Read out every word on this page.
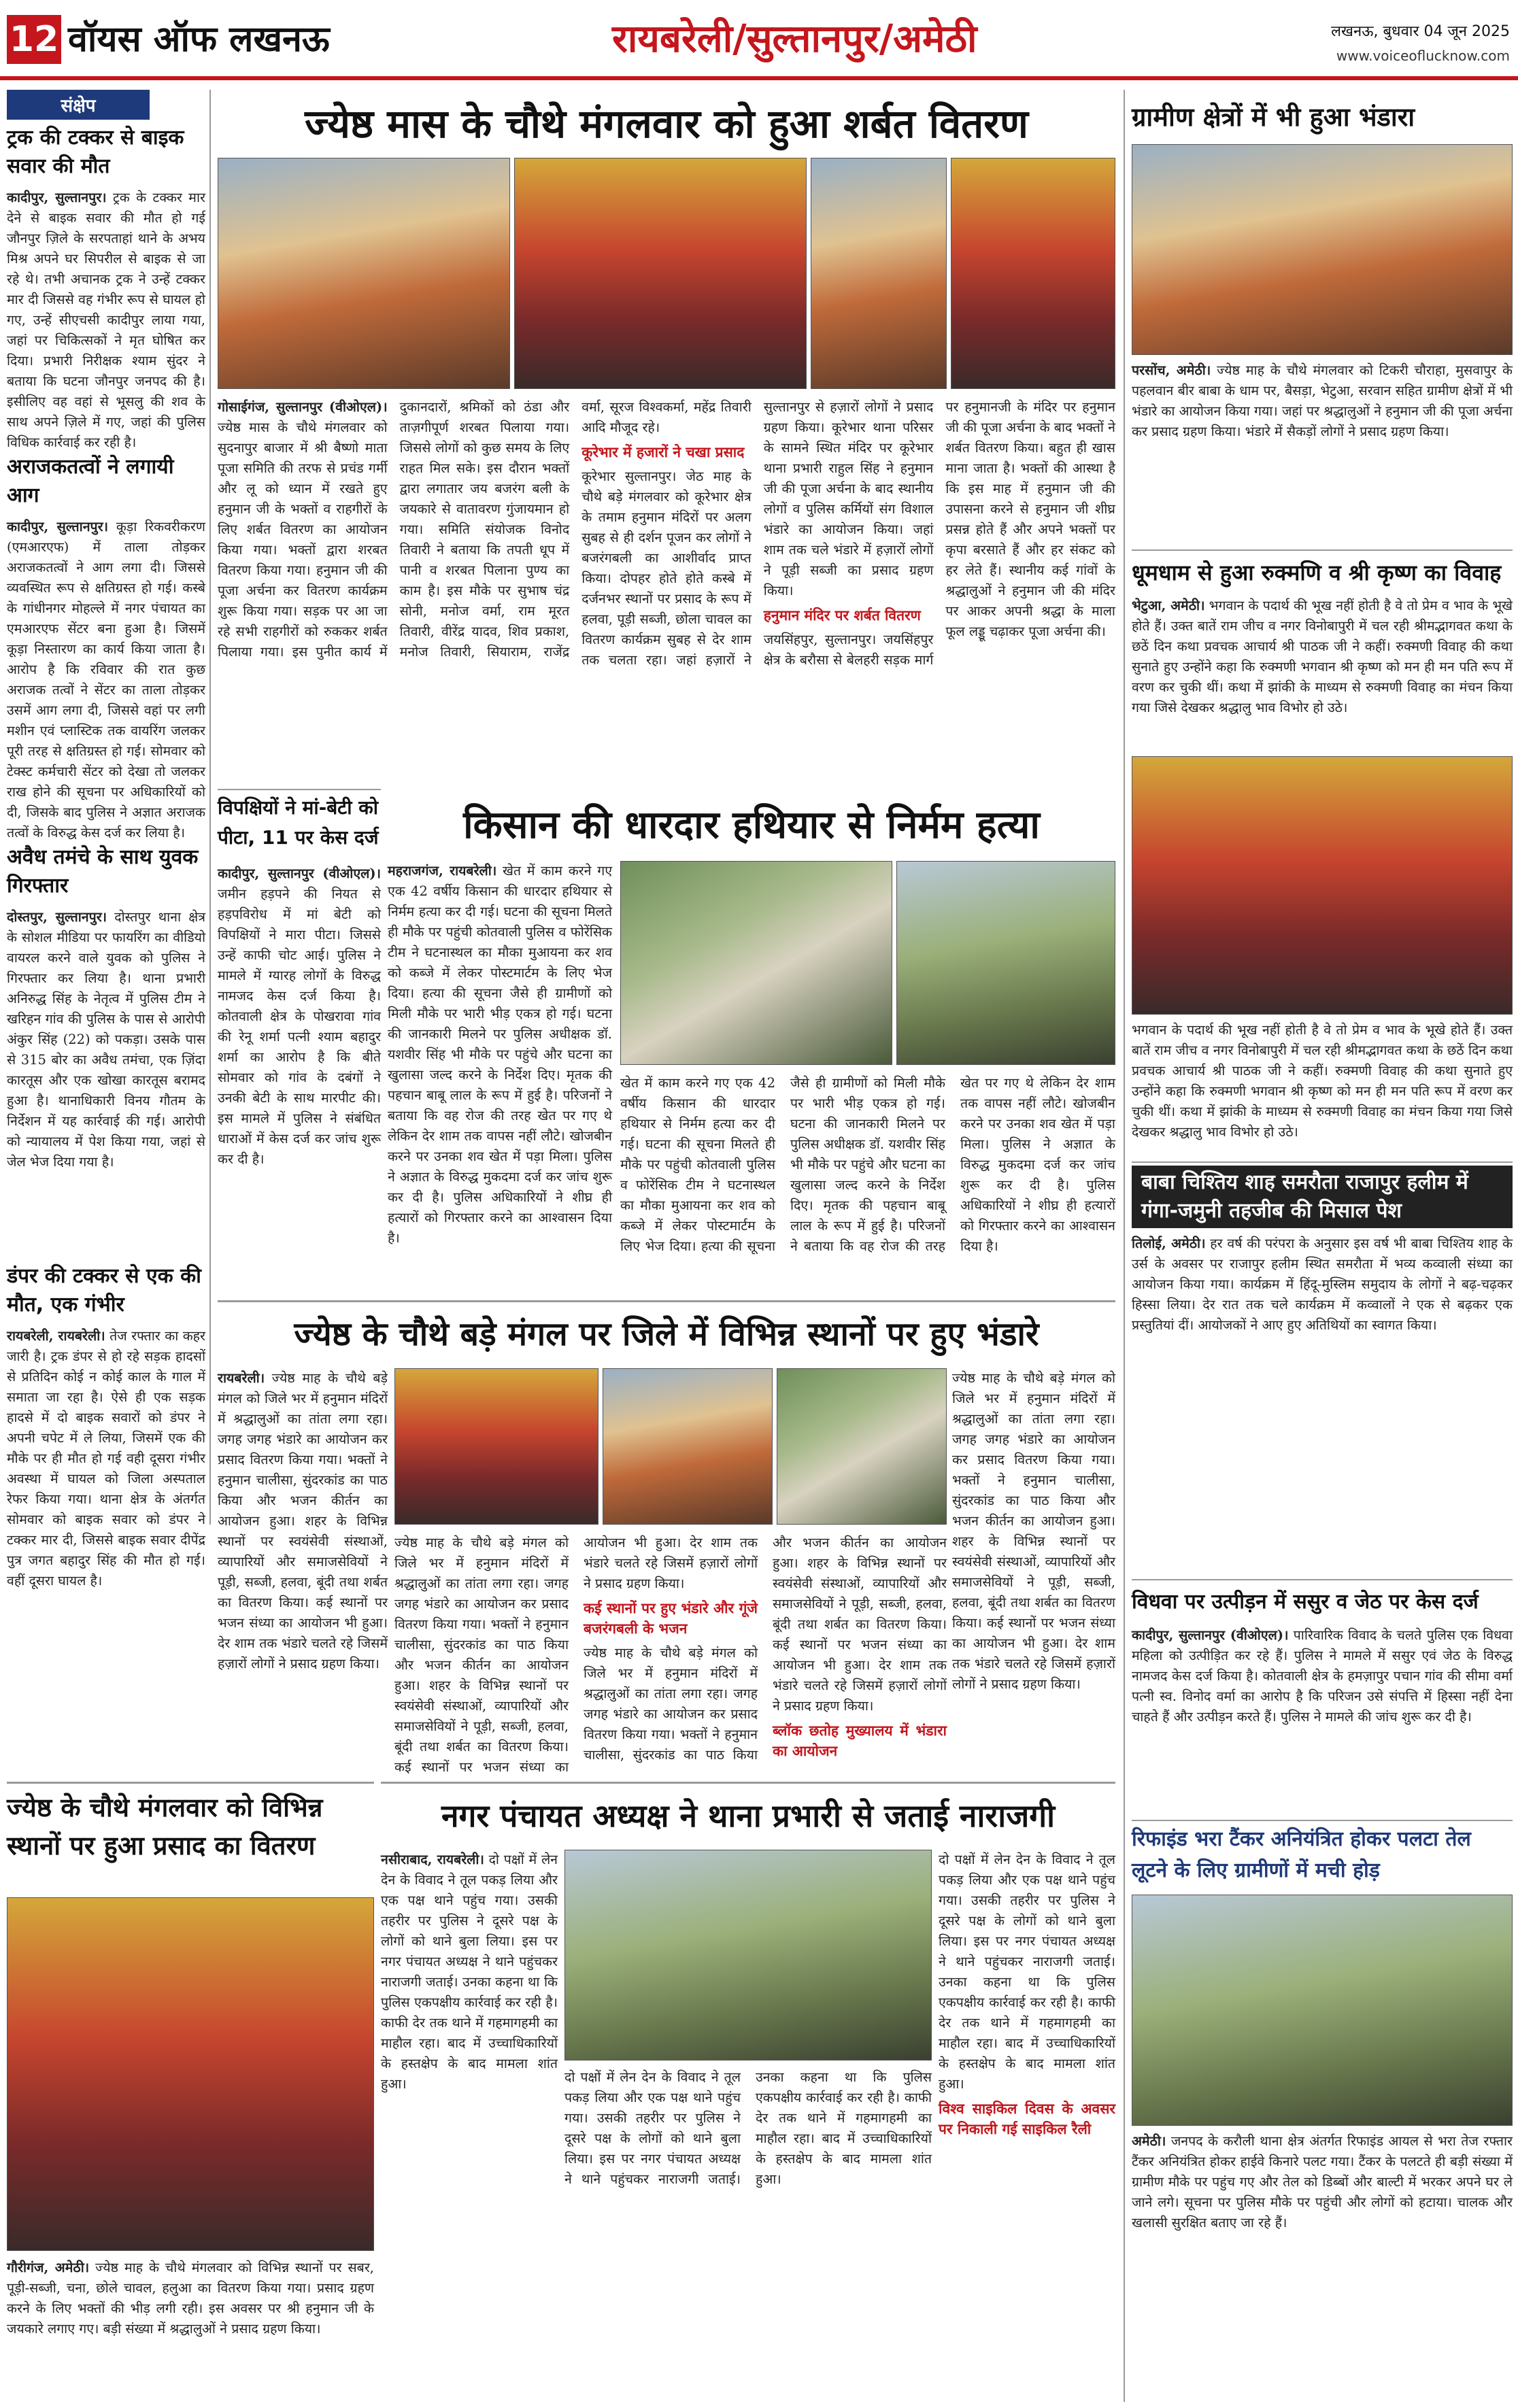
12 वॉयस ऑफ लखनऊ	रायबरेली/सुल्तानपुर/अमेठी	लखनऊ, बुधवार 04 जून 2025
www.voiceoflucknow.com
संक्षेप
ट्रक की टक्कर से बाइक सवार की मौत
कादीपुर, सुल्तानपुर। ट्रक के टक्कर मार देने से बाइक सवार की मौत हो गई जौनपुर ज़िले के सरपताहां थाने के अभय मिश्र अपने घर सिपरील से बाइक से जा रहे थे। तभी अचानक ट्रक ने उन्हें टक्कर मार दी जिससे वह गंभीर रूप से घायल हो गए, उन्हें सीएचसी कादीपुर लाया गया, जहां पर चिकित्सकों ने मृत घोषित कर दिया। प्रभारी निरीक्षक श्याम सुंदर ने बताया कि घटना जौनपुर जनपद की है। इसीलिए वह वहां से भूसलु की शव के साथ अपने ज़िले में गए, जहां की पुलिस विधिक कार्रवाई कर रही है।
अराजकतत्वों ने लगायी आग
कादीपुर, सुल्तानपुर। कूड़ा रिकवरीकरण (एमआरएफ) में ताला तोड़कर अराजकतत्वों ने आग लगा दी। जिससे व्यवस्थित रूप से क्षतिग्रस्त हो गई। कस्बे के गांधीनगर मोहल्ले में नगर पंचायत का एमआरएफ सेंटर बना हुआ है। जिसमें कूड़ा निस्तारण का कार्य किया जाता है। आरोप है कि रविवार की रात कुछ अराजक तत्वों ने सेंटर का ताला तोड़कर उसमें आग लगा दी, जिससे वहां पर लगी मशीन एवं प्लास्टिक तक वायरिंग जलकर पूरी तरह से क्षतिग्रस्त हो गई। सोमवार को टेक्स्ट कर्मचारी सेंटर को देखा तो जलकर राख होने की सूचना पर अधिकारियों को दी, जिसके बाद पुलिस ने अज्ञात अराजक तत्वों के विरुद्ध केस दर्ज कर लिया है।
अवैध तमंचे के साथ युवक गिरफ्तार
दोस्तपुर, सुल्तानपुर। दोस्तपुर थाना क्षेत्र के सोशल मीडिया पर फायरिंग का वीडियो वायरल करने वाले युवक को पुलिस ने गिरफ्तार कर लिया है। थाना प्रभारी अनिरुद्ध सिंह के नेतृत्व में पुलिस टीम ने खरिहन गांव की पुलिस के पास से आरोपी अंकुर सिंह (22) को पकड़ा। उसके पास से 315 बोर का अवैध तमंचा, एक ज़िंदा कारतूस और एक खोखा कारतूस बरामद हुआ है। थानाधिकारी विनय गौतम के निर्देशन में यह कार्रवाई की गई। आरोपी को न्यायालय में पेश किया गया, जहां से जेल भेज दिया गया है।
डंपर की टक्कर से एक की मौत, एक गंभीर
रायबरेली, रायबरेली। तेज रफ्तार का कहर जारी है। ट्रक डंपर से हो रहे सड़क हादसों से प्रतिदिन कोई न कोई काल के गाल में समाता जा रहा है। ऐसे ही एक सड़क हादसे में दो बाइक सवारों को डंपर ने अपनी चपेट में ले लिया, जिसमें एक की मौके पर ही मौत हो गई वही दूसरा गंभीर अवस्था में घायल को जिला अस्पताल रेफर किया गया। थाना क्षेत्र के अंतर्गत सोमवार को बाइक सवार को डंपर ने टक्कर मार दी, जिससे बाइक सवार दीपेंद्र पुत्र जगत बहादुर सिंह की मौत हो गई। वहीं दूसरा घायल है।
ज्येष्ठ मास के चौथे मंगलवार को हुआ शर्बत वितरण
गोसाईगंज, सुल्तानपुर (वीओएल)। ज्येष्ठ मास के चौथे मंगलवार को सुदनापुर बाजार में श्री बैष्णो माता पूजा समिति की तरफ से प्रचंड गर्मी और लू को ध्यान में रखते हुए हनुमान जी के भक्तों व राहगीरों के लिए शर्बत वितरण का आयोजन किया गया। भक्तों द्वारा शरबत वितरण किया गया। हनुमान जी की पूजा अर्चना कर वितरण कार्यक्रम शुरू किया गया। सड़क पर आ जा रहे सभी राहगीरों को रुककर शर्बत पिलाया गया। इस पुनीत कार्य में दुकानदारों, श्रमिकों को ठंडा और ताज़गीपूर्ण शरबत पिलाया गया। जिससे लोगों को कुछ समय के लिए राहत मिल सके। इस दौरान भक्तों द्वारा लगातार जय बजरंग बली के जयकारे से वातावरण गुंजायमान हो गया। समिति संयोजक विनोद तिवारी ने बताया कि तपती धूप में पानी व शरबत पिलाना पुण्य का काम है। इस मौके पर सुभाष चंद्र सोनी, मनोज वर्मा, राम मूरत तिवारी, वीरेंद्र यादव, शिव प्रकाश, मनोज तिवारी, सियाराम, राजेंद्र वर्मा, सूरज विश्वकर्मा, महेंद्र तिवारी आदि मौजूद रहे।
कूरेभार में हजारों ने चखा प्रसाद
कूरेभार सुल्तानपुर। जेठ माह के चौथे बड़े मंगलवार को कूरेभार क्षेत्र के तमाम हनुमान मंदिरों पर अलग सुबह से ही दर्शन पूजन कर लोगों ने बजरंगबली का आशीर्वाद प्राप्त किया। दोपहर होते होते कस्बे में दर्जनभर स्थानों पर प्रसाद के रूप में हलवा, पूड़ी सब्जी, छोला चावल का वितरण कार्यक्रम सुबह से देर शाम तक चलता रहा। जहां हज़ारों ने सुल्तानपुर से हज़ारों लोगों ने प्रसाद ग्रहण किया। कूरेभार थाना परिसर के सामने स्थित मंदिर पर कूरेभार थाना प्रभारी राहुल सिंह ने हनुमान जी की पूजा अर्चना के बाद स्थानीय लोगों व पुलिस कर्मियों संग विशाल भंडारे का आयोजन किया। जहां शाम तक चले भंडारे में हज़ारों लोगों ने पूड़ी सब्जी का प्रसाद ग्रहण किया।
हनुमान मंदिर पर शर्बत वितरण
जयसिंहपुर, सुल्तानपुर। जयसिंहपुर क्षेत्र के बरौसा से बेलहरी सड़क मार्ग पर हनुमानजी के मंदिर पर हनुमान जी की पूजा अर्चना के बाद भक्तों ने शर्बत वितरण किया। बहुत ही खास माना जाता है। भक्तों की आस्था है कि इस माह में हनुमान जी की उपासना करने से हनुमान जी शीघ्र प्रसन्न होते हैं और अपने भक्तों पर कृपा बरसाते हैं और हर संकट को हर लेते हैं। स्थानीय कई गांवों के श्रद्धालुओं ने हनुमान जी की मंदिर पर आकर अपनी श्रद्धा के माला फूल लड्डू चढ़ाकर पूजा अर्चना की।
विपक्षियों ने मां-बेटी को पीटा, 11 पर केस दर्ज
कादीपुर, सुल्तानपुर (वीओएल)। जमीन हड़पने की नियत से हड़पविरोध में मां बेटी को विपक्षियों ने मारा पीटा। जिससे उन्हें काफी चोट आई। पुलिस ने मामले में ग्यारह लोगों के विरुद्ध नामजद केस दर्ज किया है। कोतवाली क्षेत्र के पोखरावा गांव की रेनू शर्मा पत्नी श्याम बहादुर शर्मा का आरोप है कि बीते सोमवार को गांव के दबंगों ने उनकी बेटी के साथ मारपीट की। इस मामले में पुलिस ने संबंधित धाराओं में केस दर्ज कर जांच शुरू कर दी है।
किसान की धारदार हथियार से निर्मम हत्या
महराजगंज, रायबरेली। खेत में काम करने गए एक 42 वर्षीय किसान की धारदार हथियार से निर्मम हत्या कर दी गई। घटना की सूचना मिलते ही मौके पर पहुंची कोतवाली पुलिस व फोरेंसिक टीम ने घटनास्थल का मौका मुआयना कर शव को कब्जे में लेकर पोस्टमार्टम के लिए भेज दिया। हत्या की सूचना जैसे ही ग्रामीणों को मिली मौके पर भारी भीड़ एकत्र हो गई। घटना की जानकारी मिलने पर पुलिस अधीक्षक डॉ. यशवीर सिंह भी मौके पर पहुंचे और घटना का खुलासा जल्द करने के निर्देश दिए। मृतक की पहचान बाबू लाल के रूप में हुई है। परिजनों ने बताया कि वह रोज की तरह खेत पर गए थे लेकिन देर शाम तक वापस नहीं लौटे। खोजबीन करने पर उनका शव खेत में पड़ा मिला। पुलिस ने अज्ञात के विरुद्ध मुकदमा दर्ज कर जांच शुरू कर दी है। पुलिस अधिकारियों ने शीघ्र ही हत्यारों को गिरफ्तार करने का आश्वासन दिया है।
खेत में काम करने गए एक 42 वर्षीय किसान की धारदार हथियार से निर्मम हत्या कर दी गई। घटना की सूचना मिलते ही मौके पर पहुंची कोतवाली पुलिस व फोरेंसिक टीम ने घटनास्थल का मौका मुआयना कर शव को कब्जे में लेकर पोस्टमार्टम के लिए भेज दिया। हत्या की सूचना जैसे ही ग्रामीणों को मिली मौके पर भारी भीड़ एकत्र हो गई। घटना की जानकारी मिलने पर पुलिस अधीक्षक डॉ. यशवीर सिंह भी मौके पर पहुंचे और घटना का खुलासा जल्द करने के निर्देश दिए। मृतक की पहचान बाबू लाल के रूप में हुई है। परिजनों ने बताया कि वह रोज की तरह खेत पर गए थे लेकिन देर शाम तक वापस नहीं लौटे। खोजबीन करने पर उनका शव खेत में पड़ा मिला। पुलिस ने अज्ञात के विरुद्ध मुकदमा दर्ज कर जांच शुरू कर दी है। पुलिस अधिकारियों ने शीघ्र ही हत्यारों को गिरफ्तार करने का आश्वासन दिया है।
ज्येष्ठ के चौथे बड़े मंगल पर जिले में विभिन्न स्थानों पर हुए भंडारे
रायबरेली। ज्येष्ठ माह के चौथे बड़े मंगल को जिले भर में हनुमान मंदिरों में श्रद्धालुओं का तांता लगा रहा। जगह जगह भंडारे का आयोजन कर प्रसाद वितरण किया गया। भक्तों ने हनुमान चालीसा, सुंदरकांड का पाठ किया और भजन कीर्तन का आयोजन हुआ। शहर के विभिन्न स्थानों पर स्वयंसेवी संस्थाओं, व्यापारियों और समाजसेवियों ने पूड़ी, सब्जी, हलवा, बूंदी तथा शर्बत का वितरण किया। कई स्थानों पर भजन संध्या का आयोजन भी हुआ। देर शाम तक भंडारे चलते रहे जिसमें हज़ारों लोगों ने प्रसाद ग्रहण किया।
ज्येष्ठ माह के चौथे बड़े मंगल को जिले भर में हनुमान मंदिरों में श्रद्धालुओं का तांता लगा रहा। जगह जगह भंडारे का आयोजन कर प्रसाद वितरण किया गया। भक्तों ने हनुमान चालीसा, सुंदरकांड का पाठ किया और भजन कीर्तन का आयोजन हुआ। शहर के विभिन्न स्थानों पर स्वयंसेवी संस्थाओं, व्यापारियों और समाजसेवियों ने पूड़ी, सब्जी, हलवा, बूंदी तथा शर्बत का वितरण किया। कई स्थानों पर भजन संध्या का आयोजन भी हुआ। देर शाम तक भंडारे चलते रहे जिसमें हज़ारों लोगों ने प्रसाद ग्रहण किया।
ज्येष्ठ माह के चौथे बड़े मंगल को जिले भर में हनुमान मंदिरों में श्रद्धालुओं का तांता लगा रहा। जगह जगह भंडारे का आयोजन कर प्रसाद वितरण किया गया। भक्तों ने हनुमान चालीसा, सुंदरकांड का पाठ किया और भजन कीर्तन का आयोजन हुआ। शहर के विभिन्न स्थानों पर स्वयंसेवी संस्थाओं, व्यापारियों और समाजसेवियों ने पूड़ी, सब्जी, हलवा, बूंदी तथा शर्बत का वितरण किया। कई स्थानों पर भजन संध्या का आयोजन भी हुआ। देर शाम तक भंडारे चलते रहे जिसमें हज़ारों लोगों ने प्रसाद ग्रहण किया।
कई स्थानों पर हुए भंडारे और गूंजे बजरंगबली के भजन
ज्येष्ठ माह के चौथे बड़े मंगल को जिले भर में हनुमान मंदिरों में श्रद्धालुओं का तांता लगा रहा। जगह जगह भंडारे का आयोजन कर प्रसाद वितरण किया गया। भक्तों ने हनुमान चालीसा, सुंदरकांड का पाठ किया और भजन कीर्तन का आयोजन हुआ। शहर के विभिन्न स्थानों पर स्वयंसेवी संस्थाओं, व्यापारियों और समाजसेवियों ने पूड़ी, सब्जी, हलवा, बूंदी तथा शर्बत का वितरण किया। कई स्थानों पर भजन संध्या का आयोजन भी हुआ। देर शाम तक भंडारे चलते रहे जिसमें हज़ारों लोगों ने प्रसाद ग्रहण किया।
ब्लॉक छतोह मुख्यालय में भंडारा का आयोजन
ज्येष्ठ के चौथे मंगलवार को विभिन्न स्थानों पर हुआ प्रसाद का वितरण
गौरीगंज, अमेठी। ज्येष्ठ माह के चौथे मंगलवार को विभिन्न स्थानों पर सबर, पूड़ी-सब्जी, चना, छोले चावल, हलुआ का वितरण किया गया। प्रसाद ग्रहण करने के लिए भक्तों की भीड़ लगी रही। इस अवसर पर श्री हनुमान जी के जयकारे लगाए गए। बड़ी संख्या में श्रद्धालुओं ने प्रसाद ग्रहण किया।
नगर पंचायत अध्यक्ष ने थाना प्रभारी से जताई नाराजगी
नसीराबाद, रायबरेली। दो पक्षों में लेन देन के विवाद ने तूल पकड़ लिया और एक पक्ष थाने पहुंच गया। उसकी तहरीर पर पुलिस ने दूसरे पक्ष के लोगों को थाने बुला लिया। इस पर नगर पंचायत अध्यक्ष ने थाने पहुंचकर नाराजगी जताई। उनका कहना था कि पुलिस एकपक्षीय कार्रवाई कर रही है। काफी देर तक थाने में गहमागहमी का माहौल रहा। बाद में उच्चाधिकारियों के हस्तक्षेप के बाद मामला शांत हुआ।	दो पक्षों में लेन देन के विवाद ने तूल पकड़ लिया और एक पक्ष थाने पहुंच गया। उसकी तहरीर पर पुलिस ने दूसरे पक्ष के लोगों को थाने बुला लिया। इस पर नगर पंचायत अध्यक्ष ने थाने पहुंचकर नाराजगी जताई। उनका कहना था कि पुलिस एकपक्षीय कार्रवाई कर रही है। काफी देर तक थाने में गहमागहमी का माहौल रहा। बाद में उच्चाधिकारियों के हस्तक्षेप के बाद मामला शांत हुआ।
दो पक्षों में लेन देन के विवाद ने तूल पकड़ लिया और एक पक्ष थाने पहुंच गया। उसकी तहरीर पर पुलिस ने दूसरे पक्ष के लोगों को थाने बुला लिया। इस पर नगर पंचायत अध्यक्ष ने थाने पहुंचकर नाराजगी जताई। उनका कहना था कि पुलिस एकपक्षीय कार्रवाई कर रही है। काफी देर तक थाने में गहमागहमी का माहौल रहा। बाद में उच्चाधिकारियों के हस्तक्षेप के बाद मामला शांत हुआ।
विश्व साइकिल दिवस के अवसर पर निकाली गई साइकिल रैली
ग्रामीण क्षेत्रों में भी हुआ भंडारा
परसोंच, अमेठी। ज्येष्ठ माह के चौथे मंगलवार को टिकरी चौराहा, मुसवापुर के पहलवान बीर बाबा के धाम पर, बैसड़ा, भेटुआ, सरवान सहित ग्रामीण क्षेत्रों में भी भंडारे का आयोजन किया गया। जहां पर श्रद्धालुओं ने हनुमान जी की पूजा अर्चना कर प्रसाद ग्रहण किया। भंडारे में सैकड़ों लोगों ने प्रसाद ग्रहण किया।
धूमधाम से हुआ रुक्मणि व श्री कृष्ण का विवाह
भेटुआ, अमेठी। भगवान के पदार्थ की भूख नहीं होती है वे तो प्रेम व भाव के भूखे होते हैं। उक्त बातें राम जीच व नगर विनोबापुरी में चल रही श्रीमद्भागवत कथा के छठें दिन कथा प्रवचक आचार्य श्री पाठक जी ने कहीं। रुक्मणी विवाह की कथा सुनाते हुए उन्होंने कहा कि रुक्मणी भगवान श्री कृष्ण को मन ही मन पति रूप में वरण कर चुकी थीं। कथा में झांकी के माध्यम से रुक्मणी विवाह का मंचन किया गया जिसे देखकर श्रद्धालु भाव विभोर हो उठे।
भगवान के पदार्थ की भूख नहीं होती है वे तो प्रेम व भाव के भूखे होते हैं। उक्त बातें राम जीच व नगर विनोबापुरी में चल रही श्रीमद्भागवत कथा के छठें दिन कथा प्रवचक आचार्य श्री पाठक जी ने कहीं। रुक्मणी विवाह की कथा सुनाते हुए उन्होंने कहा कि रुक्मणी भगवान श्री कृष्ण को मन ही मन पति रूप में वरण कर चुकी थीं। कथा में झांकी के माध्यम से रुक्मणी विवाह का मंचन किया गया जिसे देखकर श्रद्धालु भाव विभोर हो उठे।
बाबा चिश्तिय शाह समरौता राजापुर हलीम में गंगा-जमुनी तहजीब की मिसाल पेश
तिलोई, अमेठी। हर वर्ष की परंपरा के अनुसार इस वर्ष भी बाबा चिश्तिय शाह के उर्स के अवसर पर राजापुर हलीम स्थित समरौता में भव्य कव्वाली संध्या का आयोजन किया गया। कार्यक्रम में हिंदू-मुस्लिम समुदाय के लोगों ने बढ़-चढ़कर हिस्सा लिया। देर रात तक चले कार्यक्रम में कव्वालों ने एक से बढ़कर एक प्रस्तुतियां दीं। आयोजकों ने आए हुए अतिथियों का स्वागत किया।
विधवा पर उत्पीड़न में ससुर व जेठ पर केस दर्ज
कादीपुर, सुल्तानपुर (वीओएल)। पारिवारिक विवाद के चलते पुलिस एक विधवा महिला को उत्पीड़ित कर रहे हैं। पुलिस ने मामले में ससुर एवं जेठ के विरुद्ध नामजद केस दर्ज किया है। कोतवाली क्षेत्र के हमज़ापुर पचान गांव की सीमा वर्मा पत्नी स्व. विनोद वर्मा का आरोप है कि परिजन उसे संपत्ति में हिस्सा नहीं देना चाहते हैं और उत्पीड़न करते हैं। पुलिस ने मामले की जांच शुरू कर दी है।
रिफाइंड भरा टैंकर अनियंत्रित होकर पलटा तेल लूटने के लिए ग्रामीणों में मची होड़
अमेठी। जनपद के करौली थाना क्षेत्र अंतर्गत रिफाइंड आयल से भरा तेज रफ्तार टैंकर अनियंत्रित होकर हाईवे किनारे पलट गया। टैंकर के पलटते ही बड़ी संख्या में ग्रामीण मौके पर पहुंच गए और तेल को डिब्बों और बाल्टी में भरकर अपने घर ले जाने लगे। सूचना पर पुलिस मौके पर पहुंची और लोगों को हटाया। चालक और खलासी सुरक्षित बताए जा रहे हैं।
